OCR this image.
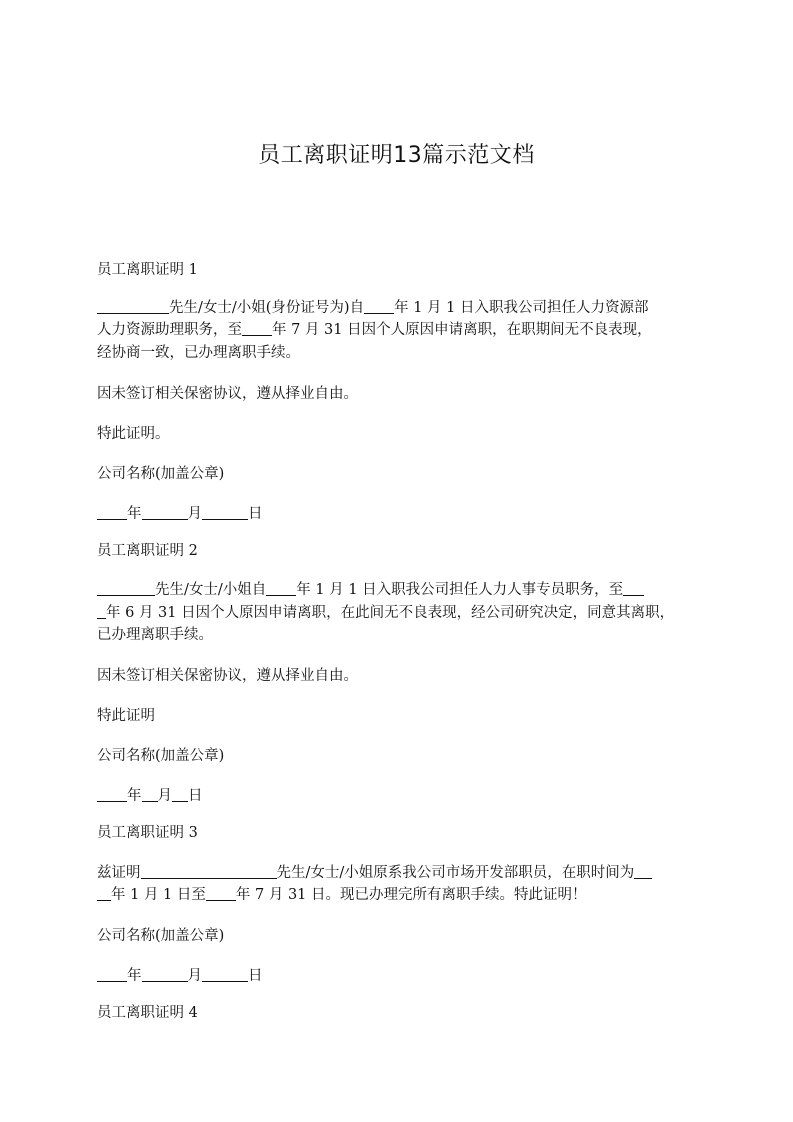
员工离职证明13篇示范文档
员工离职证明 1
先生/女士/小姐(身份证号为)自 年 1 月 1 日入职我公司担任人力资源部
人力资源助理职务，至 年 7 月 31 日因个人原因申请离职，在职期间无不良表现，
经协商一致，已办理离职手续。
因未签订相关保密协议，遵从择业自由。
特此证明。
公司名称(加盖公章)
年	月	日
员工离职证明 2
先生/女士/小姐自 年 1 月 1 日入职我公司担任人力人事专员职务，至
年 6 月 31 日因个人原因申请离职，在此间无不良表现，经公司研究决定，同意其离职，
已办理离职手续。
因未签订相关保密协议，遵从择业自由。
特此证明
公司名称(加盖公章)
年 月 日
员工离职证明 3
兹证明	先生/女士/小姐原系我公司市场开发部职员，在职时间为
年 1 月 1 日至 年 7 月 31 日。现已办理完所有离职手续。特此证明！
公司名称(加盖公章)
年	月	日
员工离职证明 4
